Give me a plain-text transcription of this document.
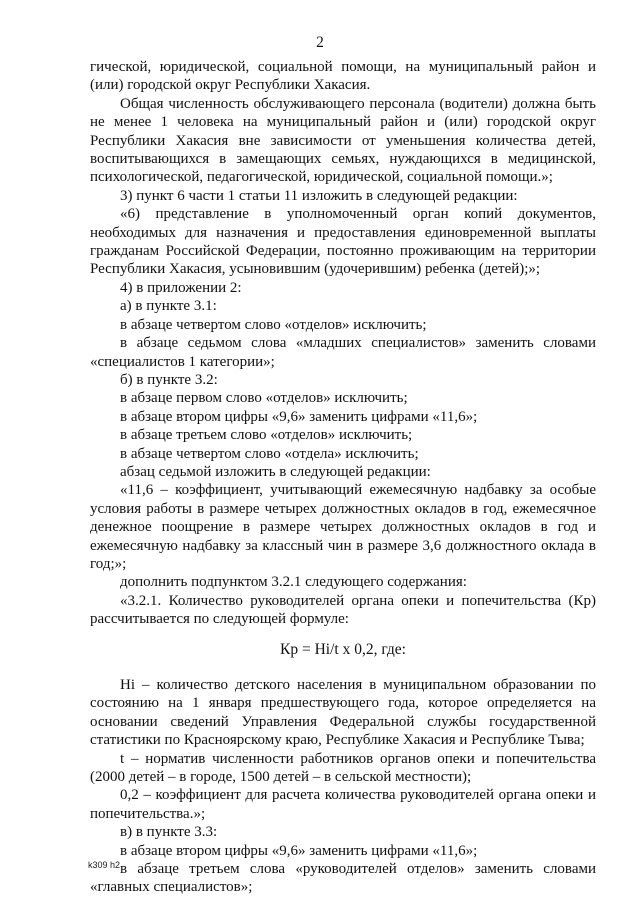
2

гической, юридической, социальной помощи, на муниципальный район и (или) городской округ Республики Хакасия.

Общая численность обслуживающего персонала (водители) должна быть не менее 1 человека на муниципальный район и (или) городской округ Республики Хакасия вне зависимости от уменьшения количества детей, воспитывающихся в замещающих семьях, нуждающихся в медицинской, психологической, педагогической, юридической, социальной помощи.»;

3) пункт 6 части 1 статьи 11 изложить в следующей редакции:

«6) представление в уполномоченный орган копий документов, необходимых для назначения и предоставления единовременной выплаты гражданам Российской Федерации, постоянно проживающим на территории Республики Хакасия, усыновившим (удочерившим) ребенка (детей);»;

4) в приложении 2:

а) в пункте 3.1:

в абзаце четвертом слово «отделов» исключить;

в абзаце седьмом слова «младших специалистов» заменить словами «специалистов 1 категории»;

б) в пункте 3.2:

в абзаце первом слово «отделов» исключить;

в абзаце втором цифры «9,6» заменить цифрами «11,6»;

в абзаце третьем слово «отделов» исключить;

в абзаце четвертом слово «отдела» исключить;

абзац седьмой изложить в следующей редакции:

«11,6 – коэффициент, учитывающий ежемесячную надбавку за особые условия работы в размере четырех должностных окладов в год, ежемесячное денежное поощрение в размере четырех должностных окладов в год и ежемесячную надбавку за классный чин в размере 3,6 должностного оклада в год;»;

дополнить подпунктом 3.2.1 следующего содержания:

«3.2.1. Количество руководителей органа опеки и попечительства (Кр) рассчитывается по следующей формуле:

Кр = Hi/t x 0,2, где:

Hi – количество детского населения в муниципальном образовании по состоянию на 1 января предшествующего года, которое определяется на основании сведений Управления Федеральной службы государственной статистики по Красноярскому краю, Республике Хакасия и Республике Тыва;

t – норматив численности работников органов опеки и попечительства (2000 детей – в городе, 1500 детей – в сельской местности);

0,2 – коэффициент для расчета количества руководителей органа опеки и попечительства.»;

в) в пункте 3.3:

в абзаце втором цифры «9,6» заменить цифрами «11,6»;

в абзаце третьем слова «руководителей отделов» заменить словами «главных специалистов»;

k309 h2
